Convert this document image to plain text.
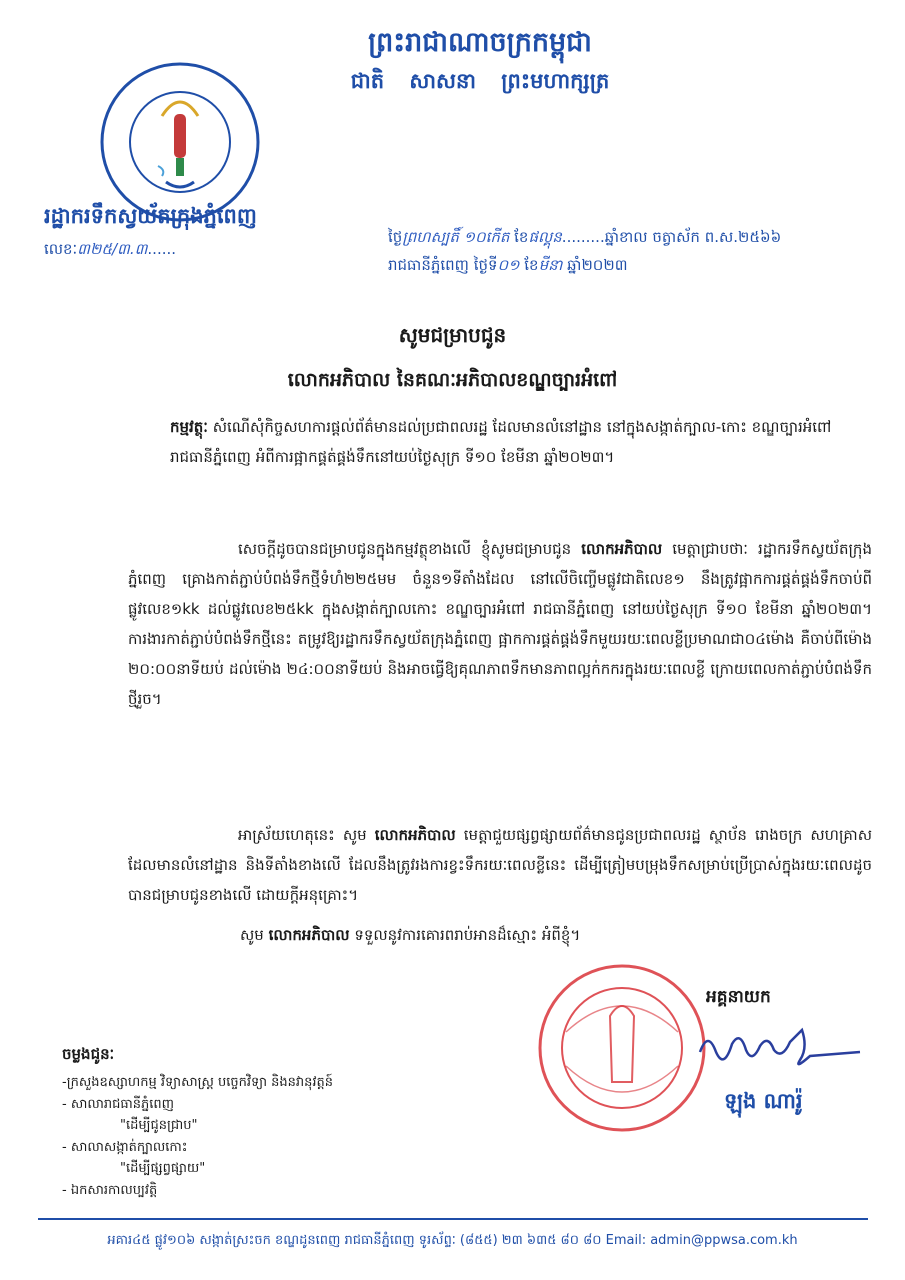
ព្រះរាជាណាចក្រកម្ពុជា
ជាតិ សាសនា ព្រះមហាក្សត្រ
រដ្ឋាករទឹកស្វយ័តក្រុងភ្នំពេញ
លេខៈ៣២៥/៣.៣......
ថ្ងៃព្រហស្បតិ៍ ១០កើត ខែផល្គុន.........ឆ្នាំខាល ចត្វាស័ក ព.ស.២៥៦៦
រាជធានីភ្នំពេញ ថ្ងៃទី០១ ខែមីនា ឆ្នាំ២០២៣
សូមជម្រាបជូន
លោកអភិបាល នៃគណៈអភិបាលខណ្ឌច្បារអំពៅ
កម្មវត្ថុៈ សំណើសុំកិច្ចសហការផ្តល់ព័ត៌មានដល់ប្រជាពលរដ្ឋ ដែលមានលំនៅដ្ឋាន នៅក្នុងសង្កាត់ក្បាល-កោះ ខណ្ឌច្បារអំពៅ រាជធានីភ្នំពេញ អំពីការផ្អាកផ្គត់ផ្គង់ទឹកនៅយប់ថ្ងៃសុក្រ ទី១០ ខែមីនា ឆ្នាំ២០២៣។
សេចក្តីដូចបានជម្រាបជូនក្នុងកម្មវត្ថុខាងលើ ខ្ញុំសូមជម្រាបជូន លោកអភិបាល មេត្តាជ្រាបថាៈ រដ្ឋាករទឹកស្វយ័តក្រុងភ្នំពេញ គ្រោងកាត់ភ្ជាប់បំពង់ទឹកថ្មីទំហំ២២៥មម ចំនួន១ទីតាំងដែល នៅលើចិញ្ចើមផ្លូវជាតិលេខ១ នឹងត្រូវផ្អាកការផ្គត់ផ្គង់ទឹកចាប់ពីផ្លូវលេខ១kk ដល់ផ្លូវលេខ២៥kk ក្នុងសង្កាត់ក្បាលកោះ ខណ្ឌច្បារអំពៅ រាជធានីភ្នំពេញ នៅយប់ថ្ងៃសុក្រ ទី១០ ខែមីនា ឆ្នាំ២០២៣។ ការងារកាត់ភ្ជាប់បំពង់ទឹកថ្មីនេះ តម្រូវឱ្យរដ្ឋាករទឹកស្វយ័តក្រុងភ្នំពេញ ផ្អាកការផ្គត់ផ្គង់ទឹកមួយរយៈពេលខ្លីប្រមាណជា០៤ម៉ោង គឺចាប់ពីម៉ោង ២០:០០នាទីយប់ ដល់ម៉ោង ២៤:០០នាទីយប់ និងអាចធ្វើឱ្យគុណភាពទឹកមានភាពល្អក់កករក្នុងរយៈពេលខ្លី ក្រោយពេលកាត់ភ្ជាប់បំពង់ទឹកថ្មីរួច។
អាស្រ័យហេតុនេះ សូម លោកអភិបាល មេត្តាជួយផ្សព្វផ្សាយព័ត៌មានជូនប្រជាពលរដ្ឋ ស្ថាប័ន រោងចក្រ សហគ្រាស ដែលមានលំនៅដ្ឋាន និងទីតាំងខាងលើ ដែលនឹងត្រូវរងការខ្វះទឹករយៈពេលខ្លីនេះ ដើម្បីត្រៀមបម្រុងទឹកសម្រាប់ប្រើប្រាស់ក្នុងរយៈពេលដូចបានជម្រាបជូនខាងលើ ដោយក្តីអនុគ្រោះ។
សូម លោកអភិបាល ទទួលនូវការគោរពរាប់អានដ៏ស្មោះ អំពីខ្ញុំ។
អគ្គនាយក
ឡុង ណារ៉ូ
ចម្លងជូនៈ
-ក្រសួងឧស្សាហកម្ម វិទ្យាសាស្ត្រ បច្ចេកវិទ្យា និងនវានុវត្តន៍
- សាលារាជធានីភ្នំពេញ
"ដើម្បីជូនជ្រាប"
- សាលាសង្កាត់ក្បាលកោះ
"ដើម្បីផ្សព្វផ្សាយ"
- ឯកសារកាលប្បវត្តិ
អគារ៤៥ ផ្លូវ១០៦ សង្កាត់ស្រះចក ខណ្ឌដូនពេញ រាជធានីភ្នំពេញ ទូរស័ព្ទៈ (៨៥៥) ២៣ ៦៣៥ ៨០ ៨០ Email: admin@ppwsa.com.kh
